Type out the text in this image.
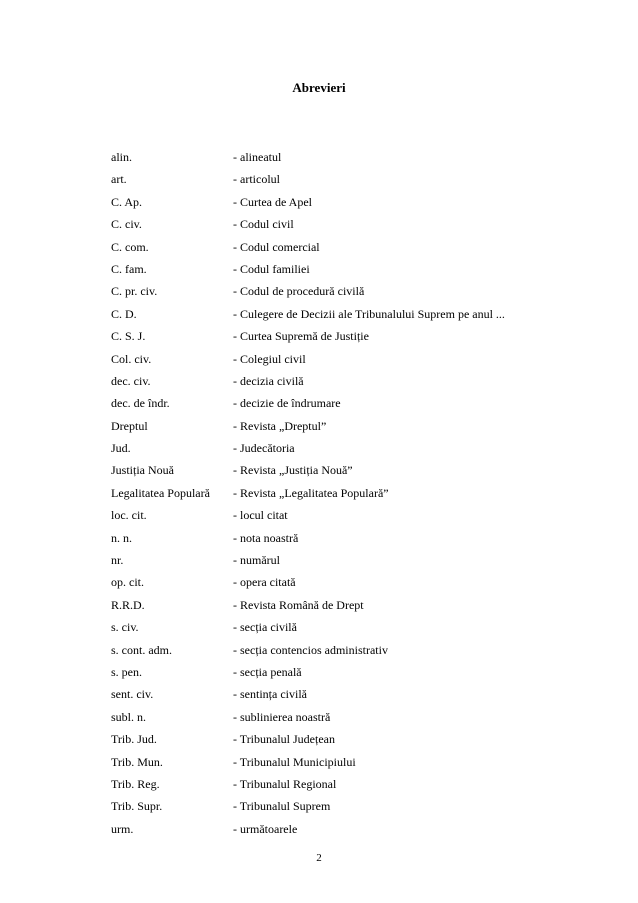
Abrevieri
alin.	- alineatul
art.	- articolul
C. Ap.	- Curtea de Apel
C. civ.	- Codul civil
C. com.	- Codul comercial
C. fam.	- Codul familiei
C. pr. civ.	- Codul de procedură civilă
C. D.	- Culegere de Decizii ale Tribunalului Suprem pe anul ...
C. S. J.	- Curtea Supremă de Justiție
Col. civ.	- Colegiul civil
dec. civ.	- decizia civilă
dec. de îndr.	- decizie de îndrumare
Dreptul	- Revista „Dreptul”
Jud.	- Judecătoria
Justiția Nouă	- Revista „Justiția Nouă”
Legalitatea Populară	- Revista „Legalitatea Populară”
loc. cit.	- locul citat
n. n.	- nota noastră
nr.	- numărul
op. cit.	- opera citată
R.R.D.	- Revista Română de Drept
s. civ.	- secția civilă
s. cont. adm.	- secția contencios administrativ
s. pen.	- secția penală
sent. civ.	- sentința civilă
subl. n.	- sublinierea noastră
Trib. Jud.	- Tribunalul Județean
Trib. Mun.	- Tribunalul Municipiului
Trib. Reg.	- Tribunalul Regional
Trib. Supr.	- Tribunalul Suprem
urm.	- următoarele
2
